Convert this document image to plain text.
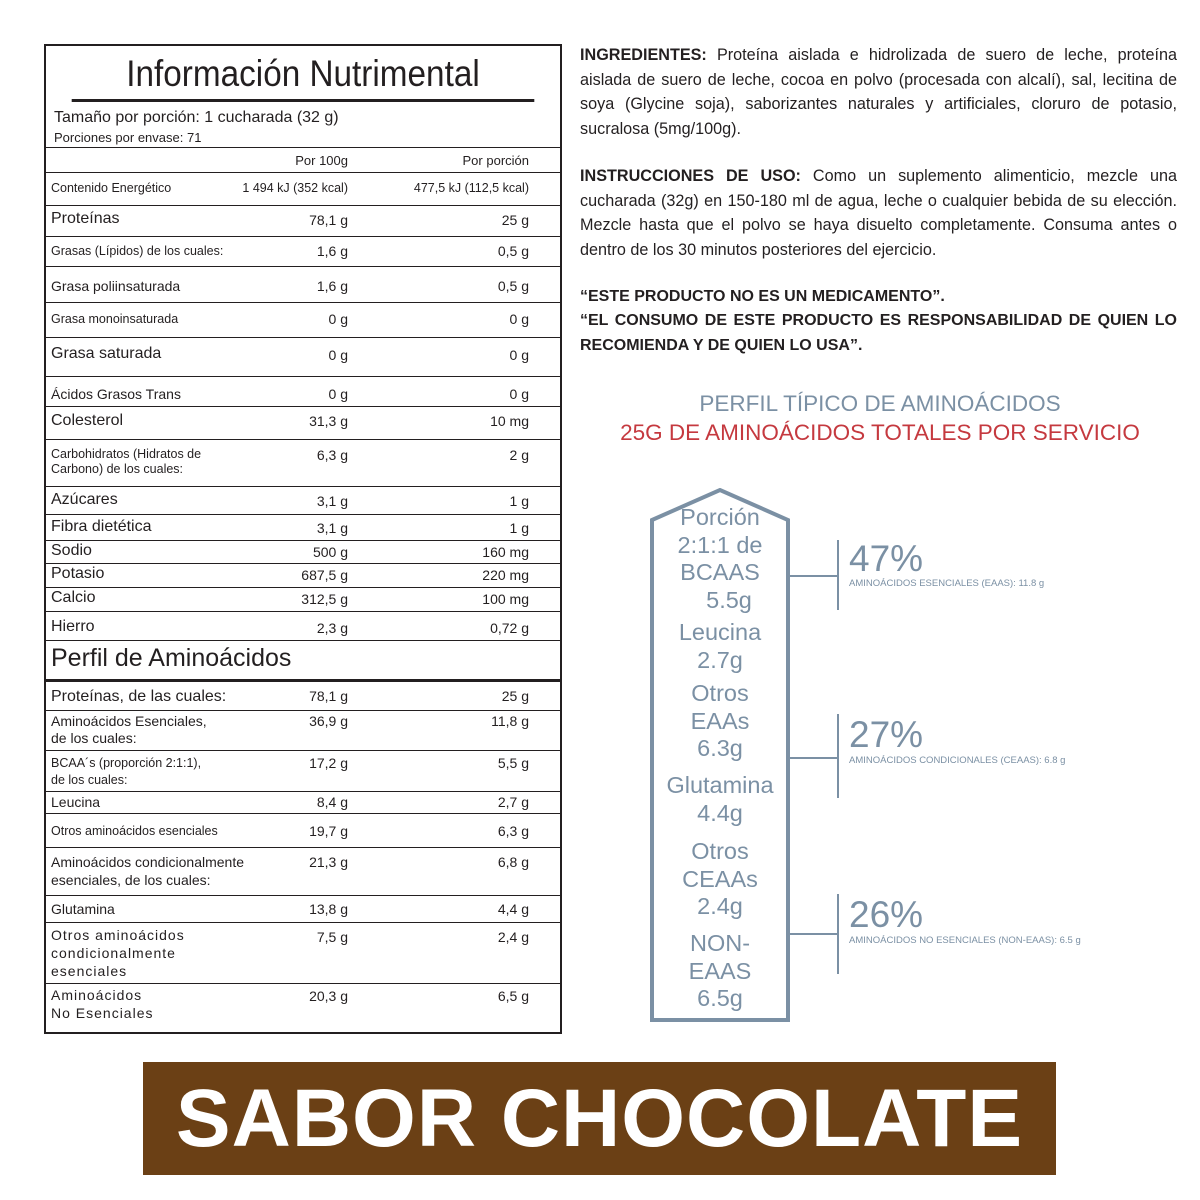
Información Nutrimental
Tamaño por porción: 1 cucharada (32 g)
Porciones por envase: 71
Por 100g	Por porción
Contenido Energético	1 494 kJ (352 kcal)	477,5 kJ (112,5 kcal)
Proteínas	78,1 g	25 g
Grasas (Lípidos) de los cuales:	1,6 g	0,5 g
Grasa poliinsaturada	1,6 g	0,5 g
Grasa monoinsaturada	0 g	0 g
Grasa saturada	0 g	0 g
Ácidos Grasos Trans	0 g	0 g
Colesterol	31,3 g	10 mg
Carbohidratos (Hidratos de
Carbono) de los cuales:
6,3 g	2 g
Azúcares	3,1 g	1 g
Fibra dietética	3,1 g	1 g
Sodio	500 g	160 mg
Potasio	687,5 g	220 mg
Calcio	312,5 g	100 mg
Hierro	2,3 g	0,72 g
Perfil de Aminoácidos
Proteínas, de las cuales:	78,1 g	25 g
Aminoácidos Esenciales,
de los cuales:
36,9 g	11,8 g
BCAA´s (proporción 2:1:1),
de los cuales:
17,2 g	5,5 g
Leucina	8,4 g	2,7 g
Otros aminoácidos esenciales	19,7 g	6,3 g
Aminoácidos condicionalmente
esenciales, de los cuales:
21,3 g	6,8 g
Glutamina	13,8 g	4,4 g
Otros aminoácidos
condicionalmente
esenciales
7,5 g	2,4 g
Aminoácidos
No Esenciales
20,3 g	6,5 g
INGREDIENTES: Proteína aislada e hidrolizada de suero de leche, proteína aislada de suero de leche, cocoa en polvo (procesada con alcalí), sal, lecitina de soya (Glycine soja), saborizantes naturales y artificiales, cloruro de potasio, sucralosa (5mg/100g).
INSTRUCCIONES DE USO: Como un suplemento alimenticio, mezcle una cucharada (32g) en 150-180 ml de agua, leche o cualquier bebida de su elección. Mezcle hasta que el polvo se haya disuelto completamente. Consuma antes o dentro de los 30 minutos posteriores del ejercicio.
“ESTE PRODUCTO NO ES UN MEDICAMENTO”.
“EL CONSUMO DE ESTE PRODUCTO ES RESPONSABILIDAD DE QUIEN LO RECOMIENDA Y DE QUIEN LO USA”.
PERFIL TÍPICO DE AMINOÁCIDOS
25G DE AMINOÁCIDOS TOTALES POR SERVICIO
Porción
2:1:1 de
BCAAS
5.5g
Leucina
2.7g
Otros
EAAs
6.3g
Glutamina
4.4g
Otros
CEAAs
2.4g
NON-
EAAS
6.5g
47%
AMINOÁCIDOS ESENCIALES (EAAS): 11.8 g
27%
AMINOÁCIDOS CONDICIONALES (CEAAS): 6.8 g
26%
AMINOÁCIDOS NO ESENCIALES (NON-EAAS): 6.5 g
SABOR CHOCOLATE
